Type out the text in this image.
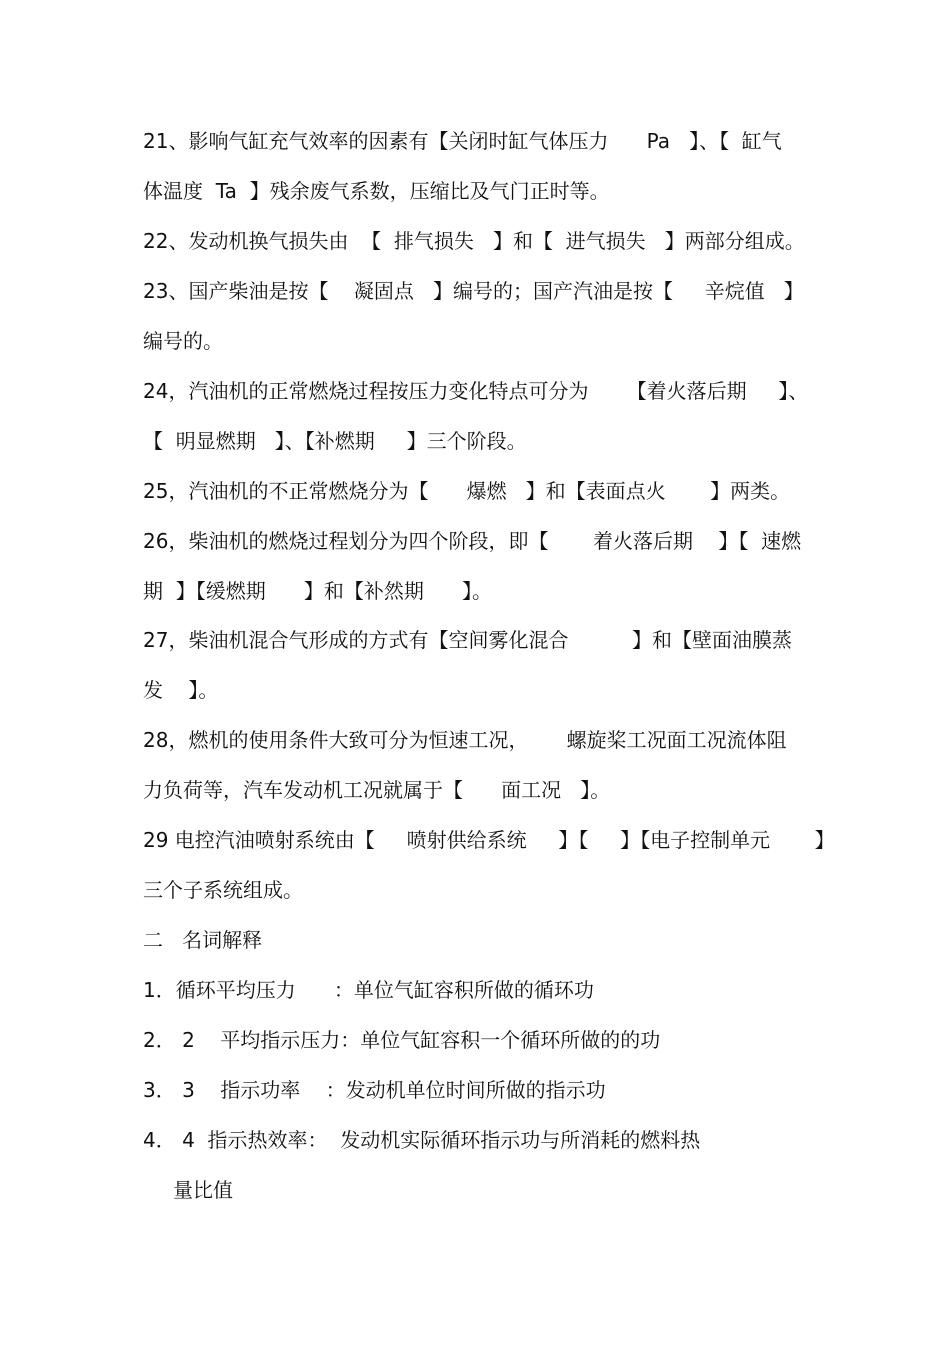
21、影响气缸充气效率的因素有【关闭时缸气体压力      Pa   】、【  缸气
体温度  Ta  】残余废气系数，压缩比及气门正时等。
22、发动机换气损失由  【  排气损失   】和【  进气损失   】两部分组成。
23、国产柴油是按【    凝固点   】编号的；国产汽油是按【     辛烷值   】
编号的。
24，汽油机的正常燃烧过程按压力变化特点可分为      【着火落后期     】、
【  明显燃期   】、【补燃期     】三个阶段。
25，汽油机的不正常燃烧分为【      爆燃   】和【表面点火       】两类。
26，柴油机的燃烧过程划分为四个阶段，即【       着火落后期    】【  速燃
期  】【缓燃期      】和【补然期      】。
27，柴油机混合气形成的方式有【空间雾化混合          】和【壁面油膜蒸
发    】。
28，燃机的使用条件大致可分为恒速工况，      螺旋桨工况面工况流体阻
力负荷等，汽车发动机工况就属于【      面工况   】。
29 电控汽油喷射系统由【     喷射供给系统     】【     】【电子控制单元       】
三个子系统组成。
二   名词解释
1．循环平均压力      ：单位气缸容积所做的循环功
2． 2    平均指示压力：单位气缸容积一个循环所做的的功
3． 3    指示功率    ：发动机单位时间所做的指示功
4． 4  指示热效率：  发动机实际循环指示功与所消耗的燃料热
量比值
